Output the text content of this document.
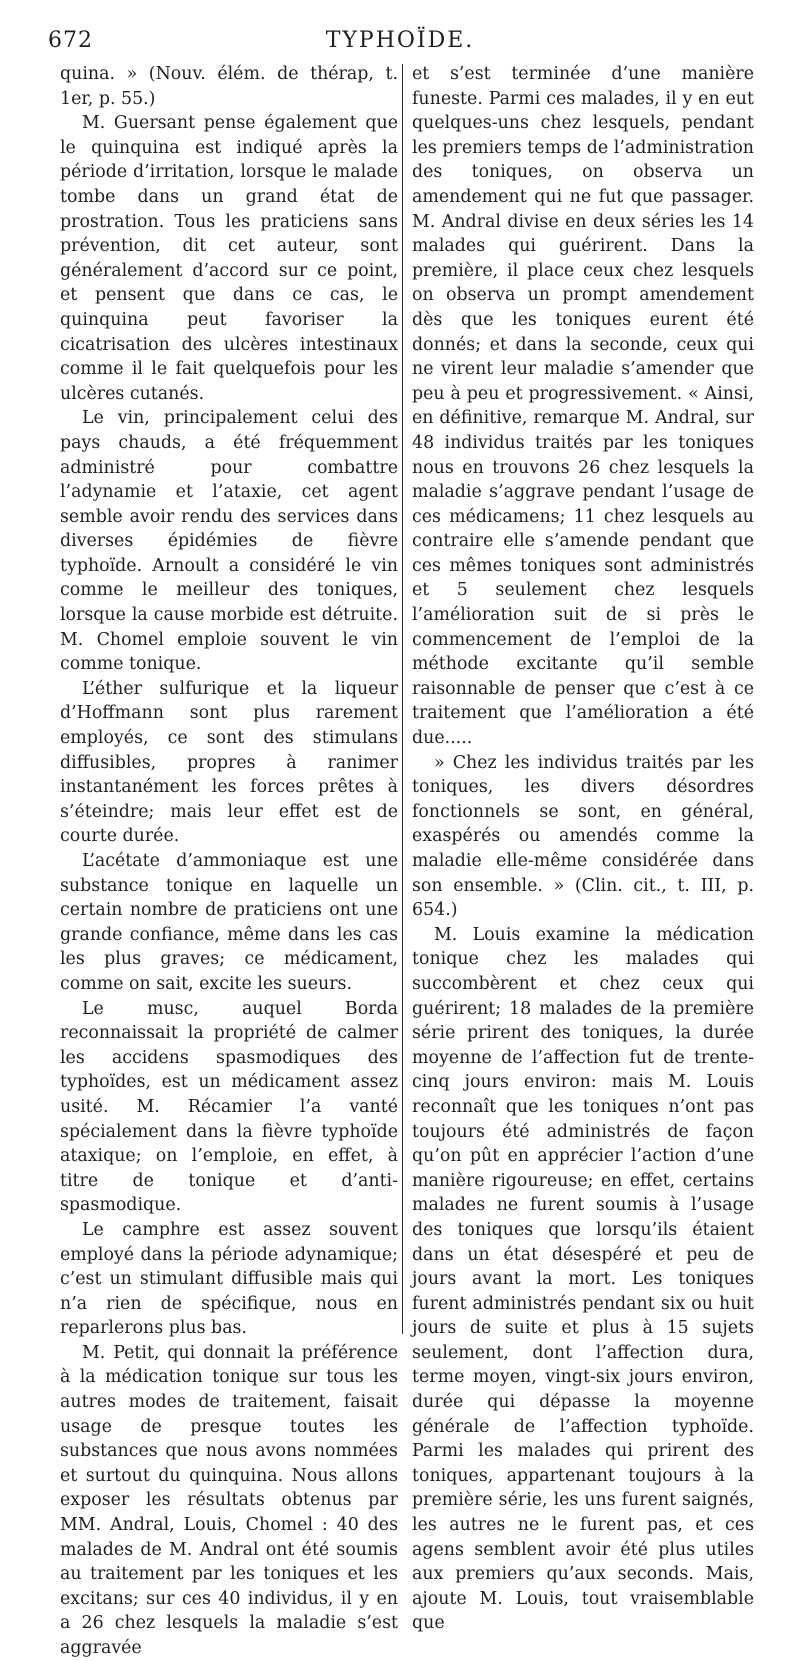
672	TYPHOÏDE.

quina. » (Nouv. élém. de thérap, t. 1er, p. 55.)

M. Guersant pense également que le quinquina est indiqué après la période d’irritation, lorsque le malade tombe dans un grand état de prostration. Tous les praticiens sans prévention, dit cet auteur, sont généralement d’accord sur ce point, et pensent que dans ce cas, le quinquina peut favoriser la cicatrisation des ulcères intestinaux comme il le fait quelquefois pour les ulcères cutanés.

Le vin, principalement celui des pays chauds, a été fréquemment administré pour combattre l’adynamie et l’ataxie, cet agent semble avoir rendu des services dans diverses épidémies de fièvre typhoïde. Arnoult a considéré le vin comme le meilleur des toniques, lorsque la cause morbide est détruite. M. Chomel emploie souvent le vin comme tonique.

L’éther sulfurique et la liqueur d’Hoffmann sont plus rarement employés, ce sont des stimulans diffusibles, propres à ranimer instantanément les forces prêtes à s’éteindre; mais leur effet est de courte durée.

L’acétate d’ammoniaque est une substance tonique en laquelle un certain nombre de praticiens ont une grande confiance, même dans les cas les plus graves; ce médicament, comme on sait, excite les sueurs.

Le musc, auquel Borda reconnaissait la propriété de calmer les accidens spasmodiques des typhoïdes, est un médicament assez usité. M. Récamier l’a vanté spécialement dans la fièvre typhoïde ataxique; on l’emploie, en effet, à titre de tonique et d’anti-spasmodique.

Le camphre est assez souvent employé dans la période adynamique; c’est un stimulant diffusible mais qui n’a rien de spécifique, nous en reparlerons plus bas.

M. Petit, qui donnait la préférence à la médication tonique sur tous les autres modes de traitement, faisait usage de presque toutes les substances que nous avons nommées et surtout du quinquina. Nous allons exposer les résultats obtenus par MM. Andral, Louis, Chomel : 40 des malades de M. Andral ont été soumis au traitement par les toniques et les excitans; sur ces 40 individus, il y en a 26 chez lesquels la maladie s’est aggravée

et s’est terminée d’une manière funeste. Parmi ces malades, il y en eut quelques-uns chez lesquels, pendant les premiers temps de l’administration des toniques, on observa un amendement qui ne fut que passager. M. Andral divise en deux séries les 14 malades qui guérirent. Dans la première, il place ceux chez lesquels on observa un prompt amendement dès que les toniques eurent été donnés; et dans la seconde, ceux qui ne virent leur maladie s’amender que peu à peu et progressivement. « Ainsi, en définitive, remarque M. Andral, sur 48 individus traités par les toniques nous en trouvons 26 chez lesquels la maladie s’aggrave pendant l’usage de ces médicamens; 11 chez lesquels au contraire elle s’amende pendant que ces mêmes toniques sont administrés et 5 seulement chez lesquels l’amélioration suit de si près le commencement de l’emploi de la méthode excitante qu’il semble raisonnable de penser que c’est à ce traitement que l’amélioration a été due.....

» Chez les individus traités par les toniques, les divers désordres fonctionnels se sont, en général, exaspérés ou amendés comme la maladie elle-même considérée dans son ensemble. » (Clin. cit., t. III, p. 654.)

M. Louis examine la médication tonique chez les malades qui succombèrent et chez ceux qui guérirent; 18 malades de la première série prirent des toniques, la durée moyenne de l’affection fut de trente-cinq jours environ: mais M. Louis reconnaît que les toniques n’ont pas toujours été administrés de façon qu’on pût en apprécier l’action d’une manière rigoureuse; en effet, certains malades ne furent soumis à l’usage des toniques que lorsqu’ils étaient dans un état désespéré et peu de jours avant la mort. Les toniques furent administrés pendant six ou huit jours de suite et plus à 15 sujets seulement, dont l’affection dura, terme moyen, vingt-six jours environ, durée qui dépasse la moyenne générale de l’affection typhoïde. Parmi les malades qui prirent des toniques, appartenant toujours à la première série, les uns furent saignés, les autres ne le furent pas, et ces agens semblent avoir été plus utiles aux premiers qu’aux seconds. Mais, ajoute M. Louis, tout vraisemblable que
